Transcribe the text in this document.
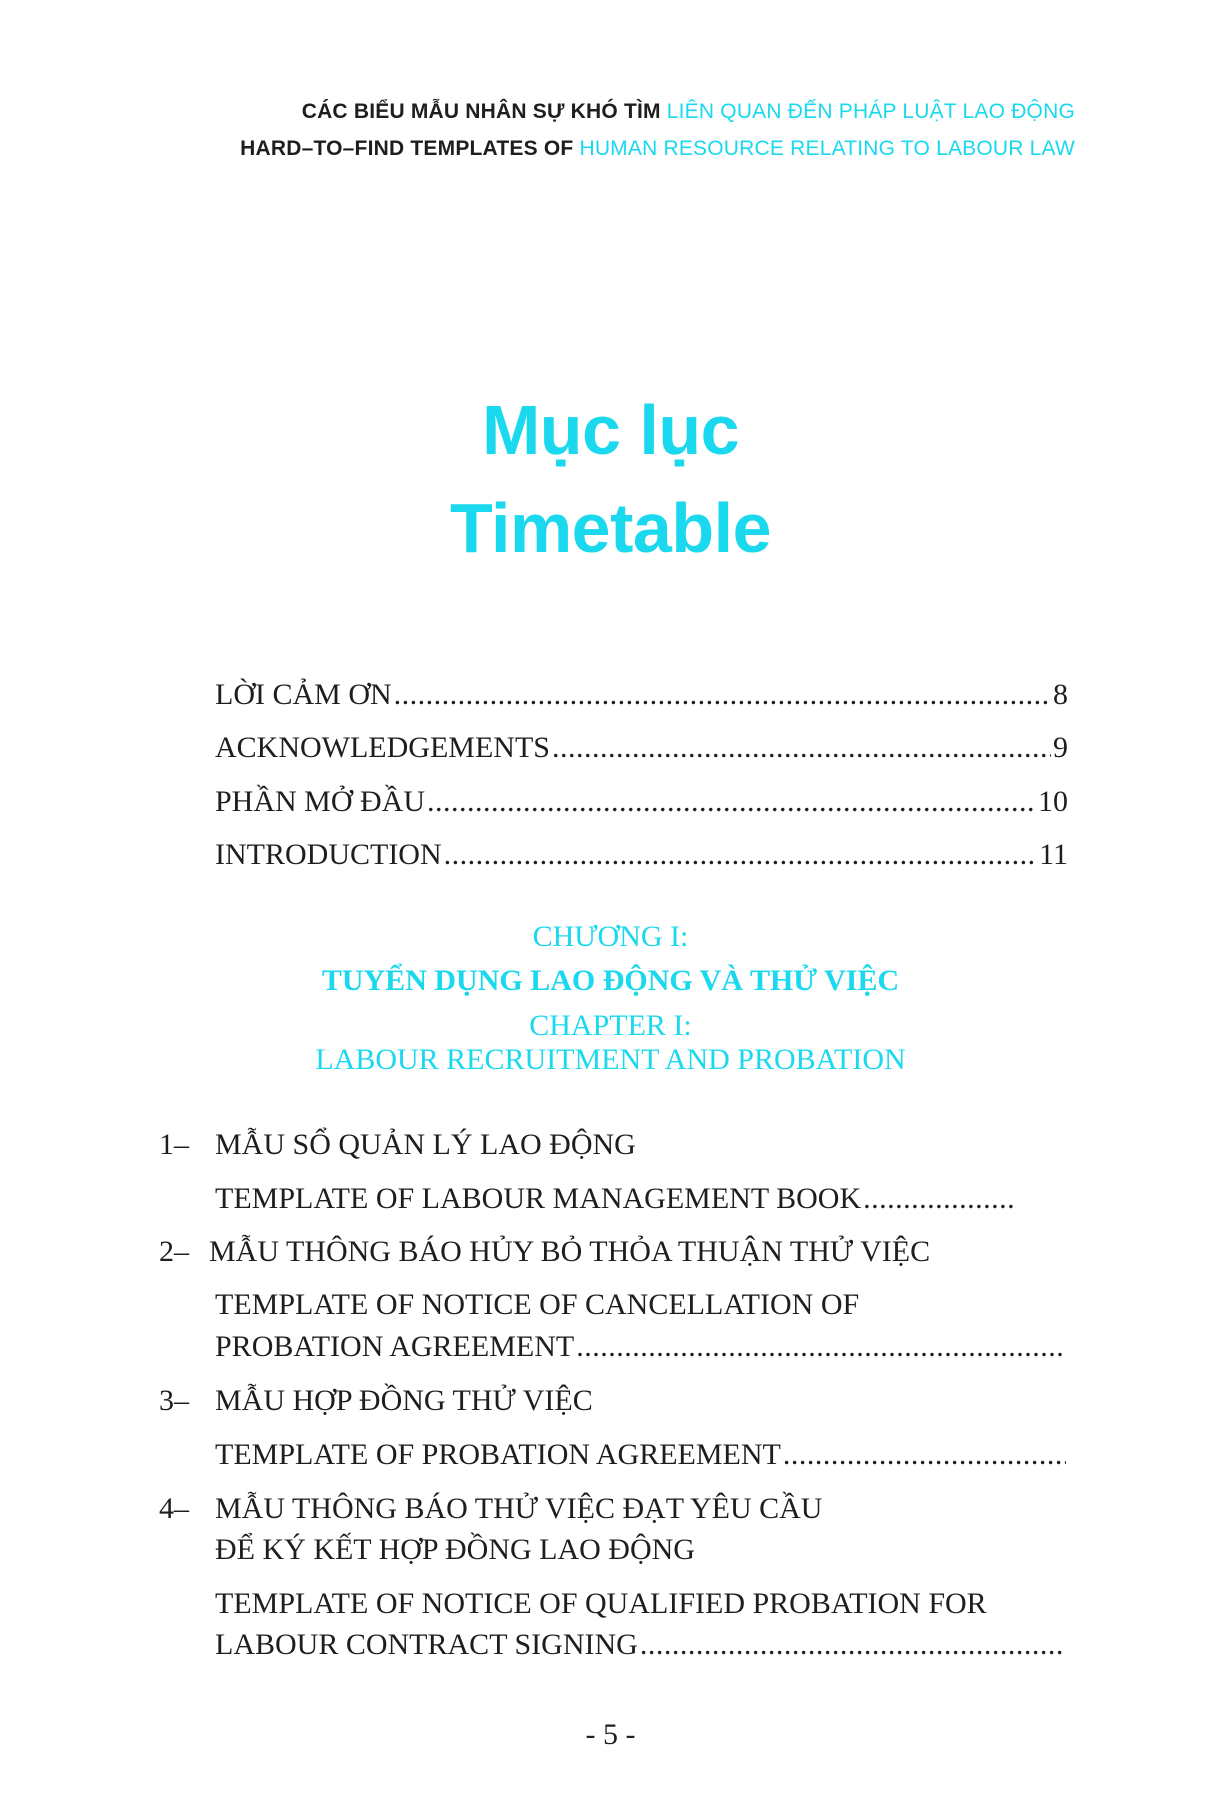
CÁC BIỂU MẪU NHÂN SỰ KHÓ TÌM LIÊN QUAN ĐẾN PHÁP LUẬT LAO ĐỘNG
HARD–TO–FIND TEMPLATES OF HUMAN RESOURCE RELATING TO LABOUR LAW
Mục lục
Timetable
LỜI CẢM ƠN .....	8
ACKNOWLEDGEMENTS .....	9
PHẦN MỞ ĐẦU .....	10
INTRODUCTION .....	11
CHƯƠNG I:
TUYỂN DỤNG LAO ĐỘNG VÀ THỬ VIỆC
CHAPTER I:
LABOUR RECRUITMENT AND PROBATION
1– MẪU SỔ QUẢN LÝ LAO ĐỘNG
TEMPLATE OF LABOUR MANAGEMENT BOOK
.....
2– MẪU THÔNG BÁO HỦY BỎ THỎA THUẬN THỬ VIỆC
TEMPLATE OF NOTICE OF CANCELLATION OF
PROBATION AGREEMENT
.....
3– MẪU HỢP ĐỒNG THỬ VIỆC
TEMPLATE OF PROBATION AGREEMENT
.....
4– MẪU THÔNG BÁO THỬ VIỆC ĐẠT YÊU CẦU
ĐỂ KÝ KẾT HỢP ĐỒNG LAO ĐỘNG
TEMPLATE OF NOTICE OF QUALIFIED PROBATION FOR
LABOUR CONTRACT SIGNING
.....
- 5 -
